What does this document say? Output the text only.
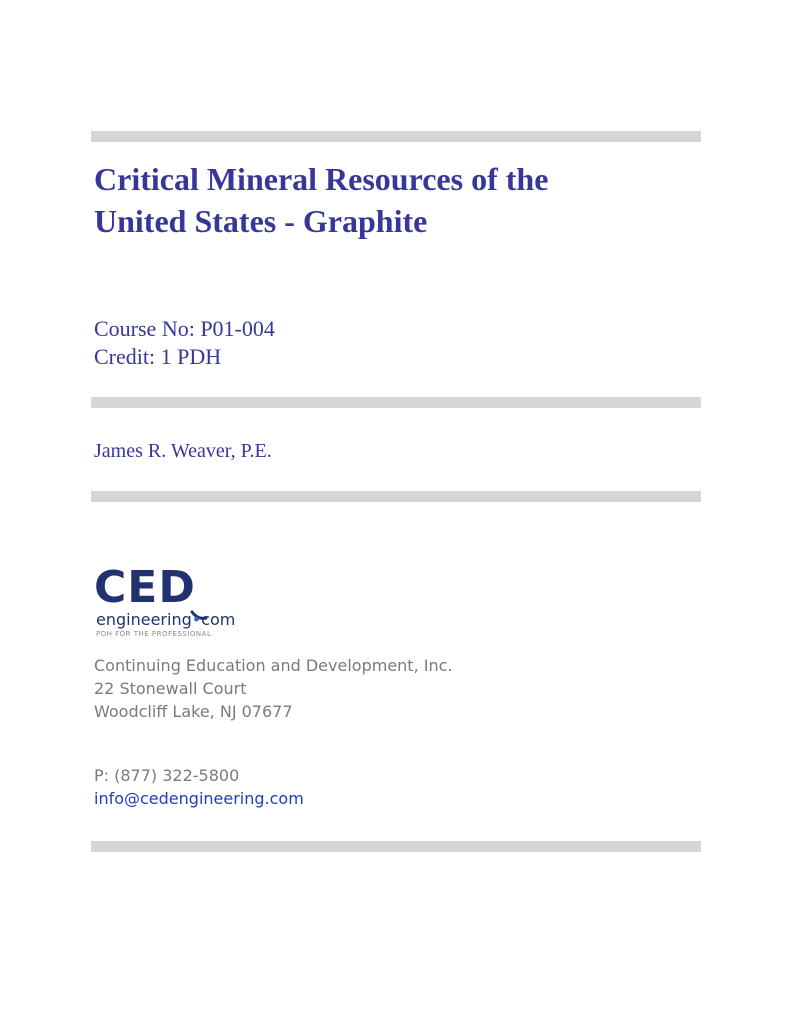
Critical Mineral Resources of the
United States - Graphite
Course No: P01-004
Credit: 1 PDH
James R. Weaver, P.E.
CED
engineering•com
PDH FOR THE PROFESSIONAL
Continuing Education and Development, Inc.
22 Stonewall Court
Woodcliff Lake, NJ 07677
P: (877) 322-5800
info@cedengineering.com
